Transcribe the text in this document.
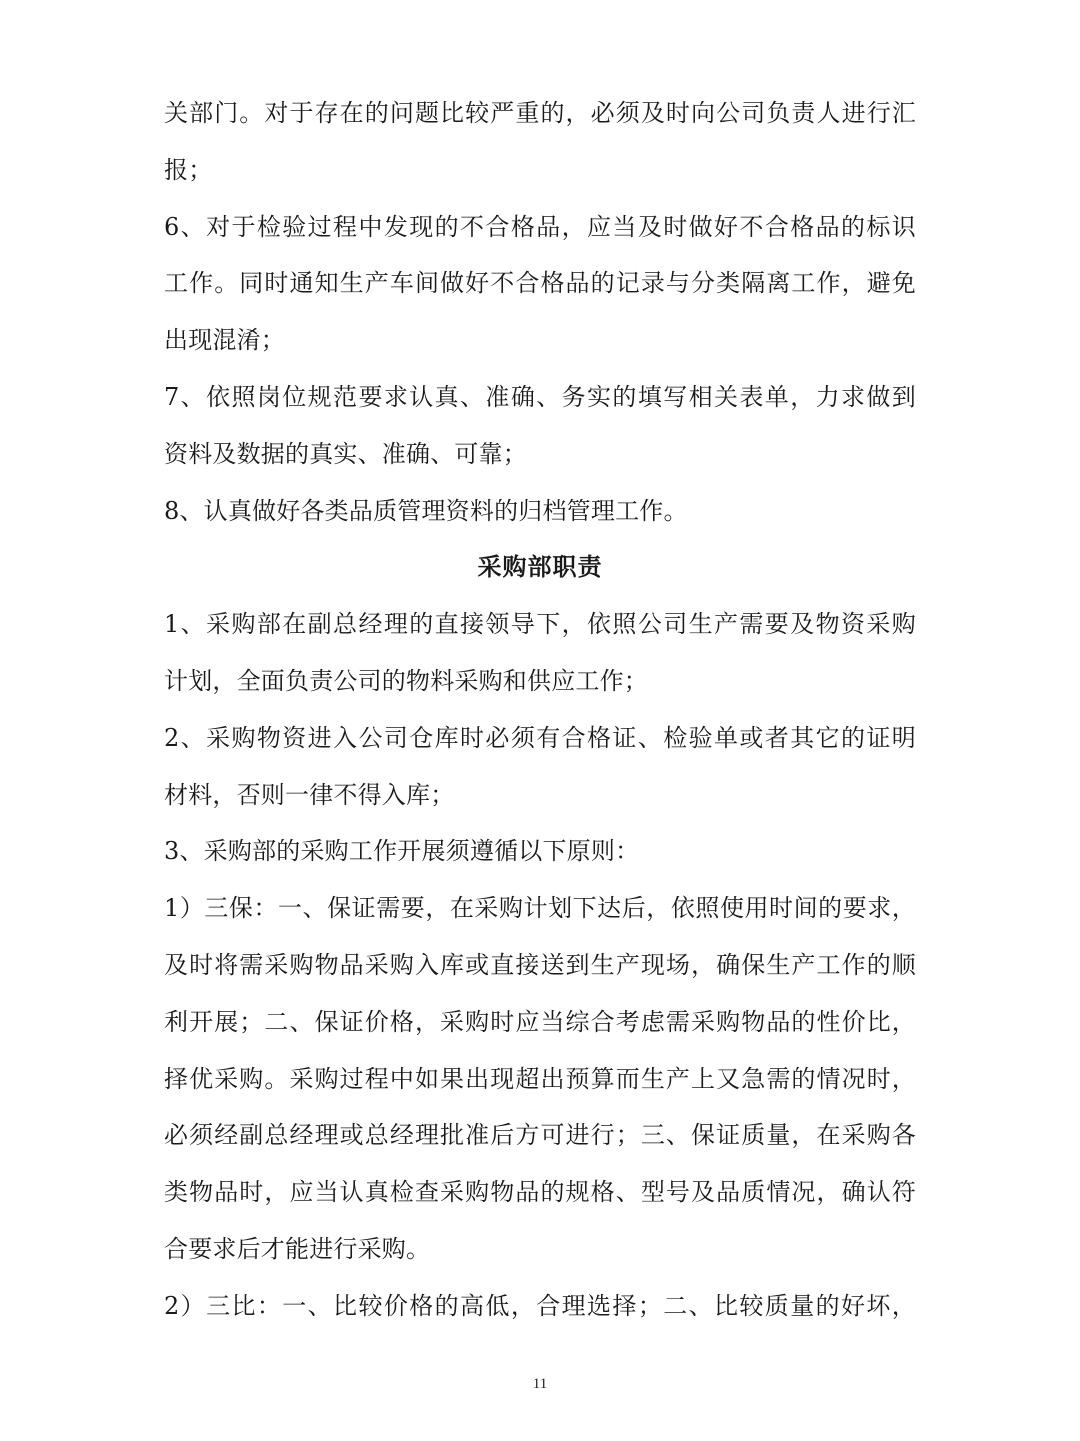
关部门。对于存在的问题比较严重的，必须及时向公司负责人进行汇
报；
6、对于检验过程中发现的不合格品，应当及时做好不合格品的标识
工作。同时通知生产车间做好不合格品的记录与分类隔离工作，避免
出现混淆；
7、依照岗位规范要求认真、准确、务实的填写相关表单，力求做到
资料及数据的真实、准确、可靠；
8、认真做好各类品质管理资料的归档管理工作。
采购部职责
1、采购部在副总经理的直接领导下，依照公司生产需要及物资采购
计划，全面负责公司的物料采购和供应工作；
2、采购物资进入公司仓库时必须有合格证、检验单或者其它的证明
材料，否则一律不得入库；
3、采购部的采购工作开展须遵循以下原则：
1）三保：一、保证需要，在采购计划下达后，依照使用时间的要求，
及时将需采购物品采购入库或直接送到生产现场，确保生产工作的顺
利开展；二、保证价格，采购时应当综合考虑需采购物品的性价比，
择优采购。采购过程中如果出现超出预算而生产上又急需的情况时，
必须经副总经理或总经理批准后方可进行；三、保证质量，在采购各
类物品时，应当认真检查采购物品的规格、型号及品质情况，确认符
合要求后才能进行采购。
2）三比：一、比较价格的高低，合理选择；二、比较质量的好坏，
11
